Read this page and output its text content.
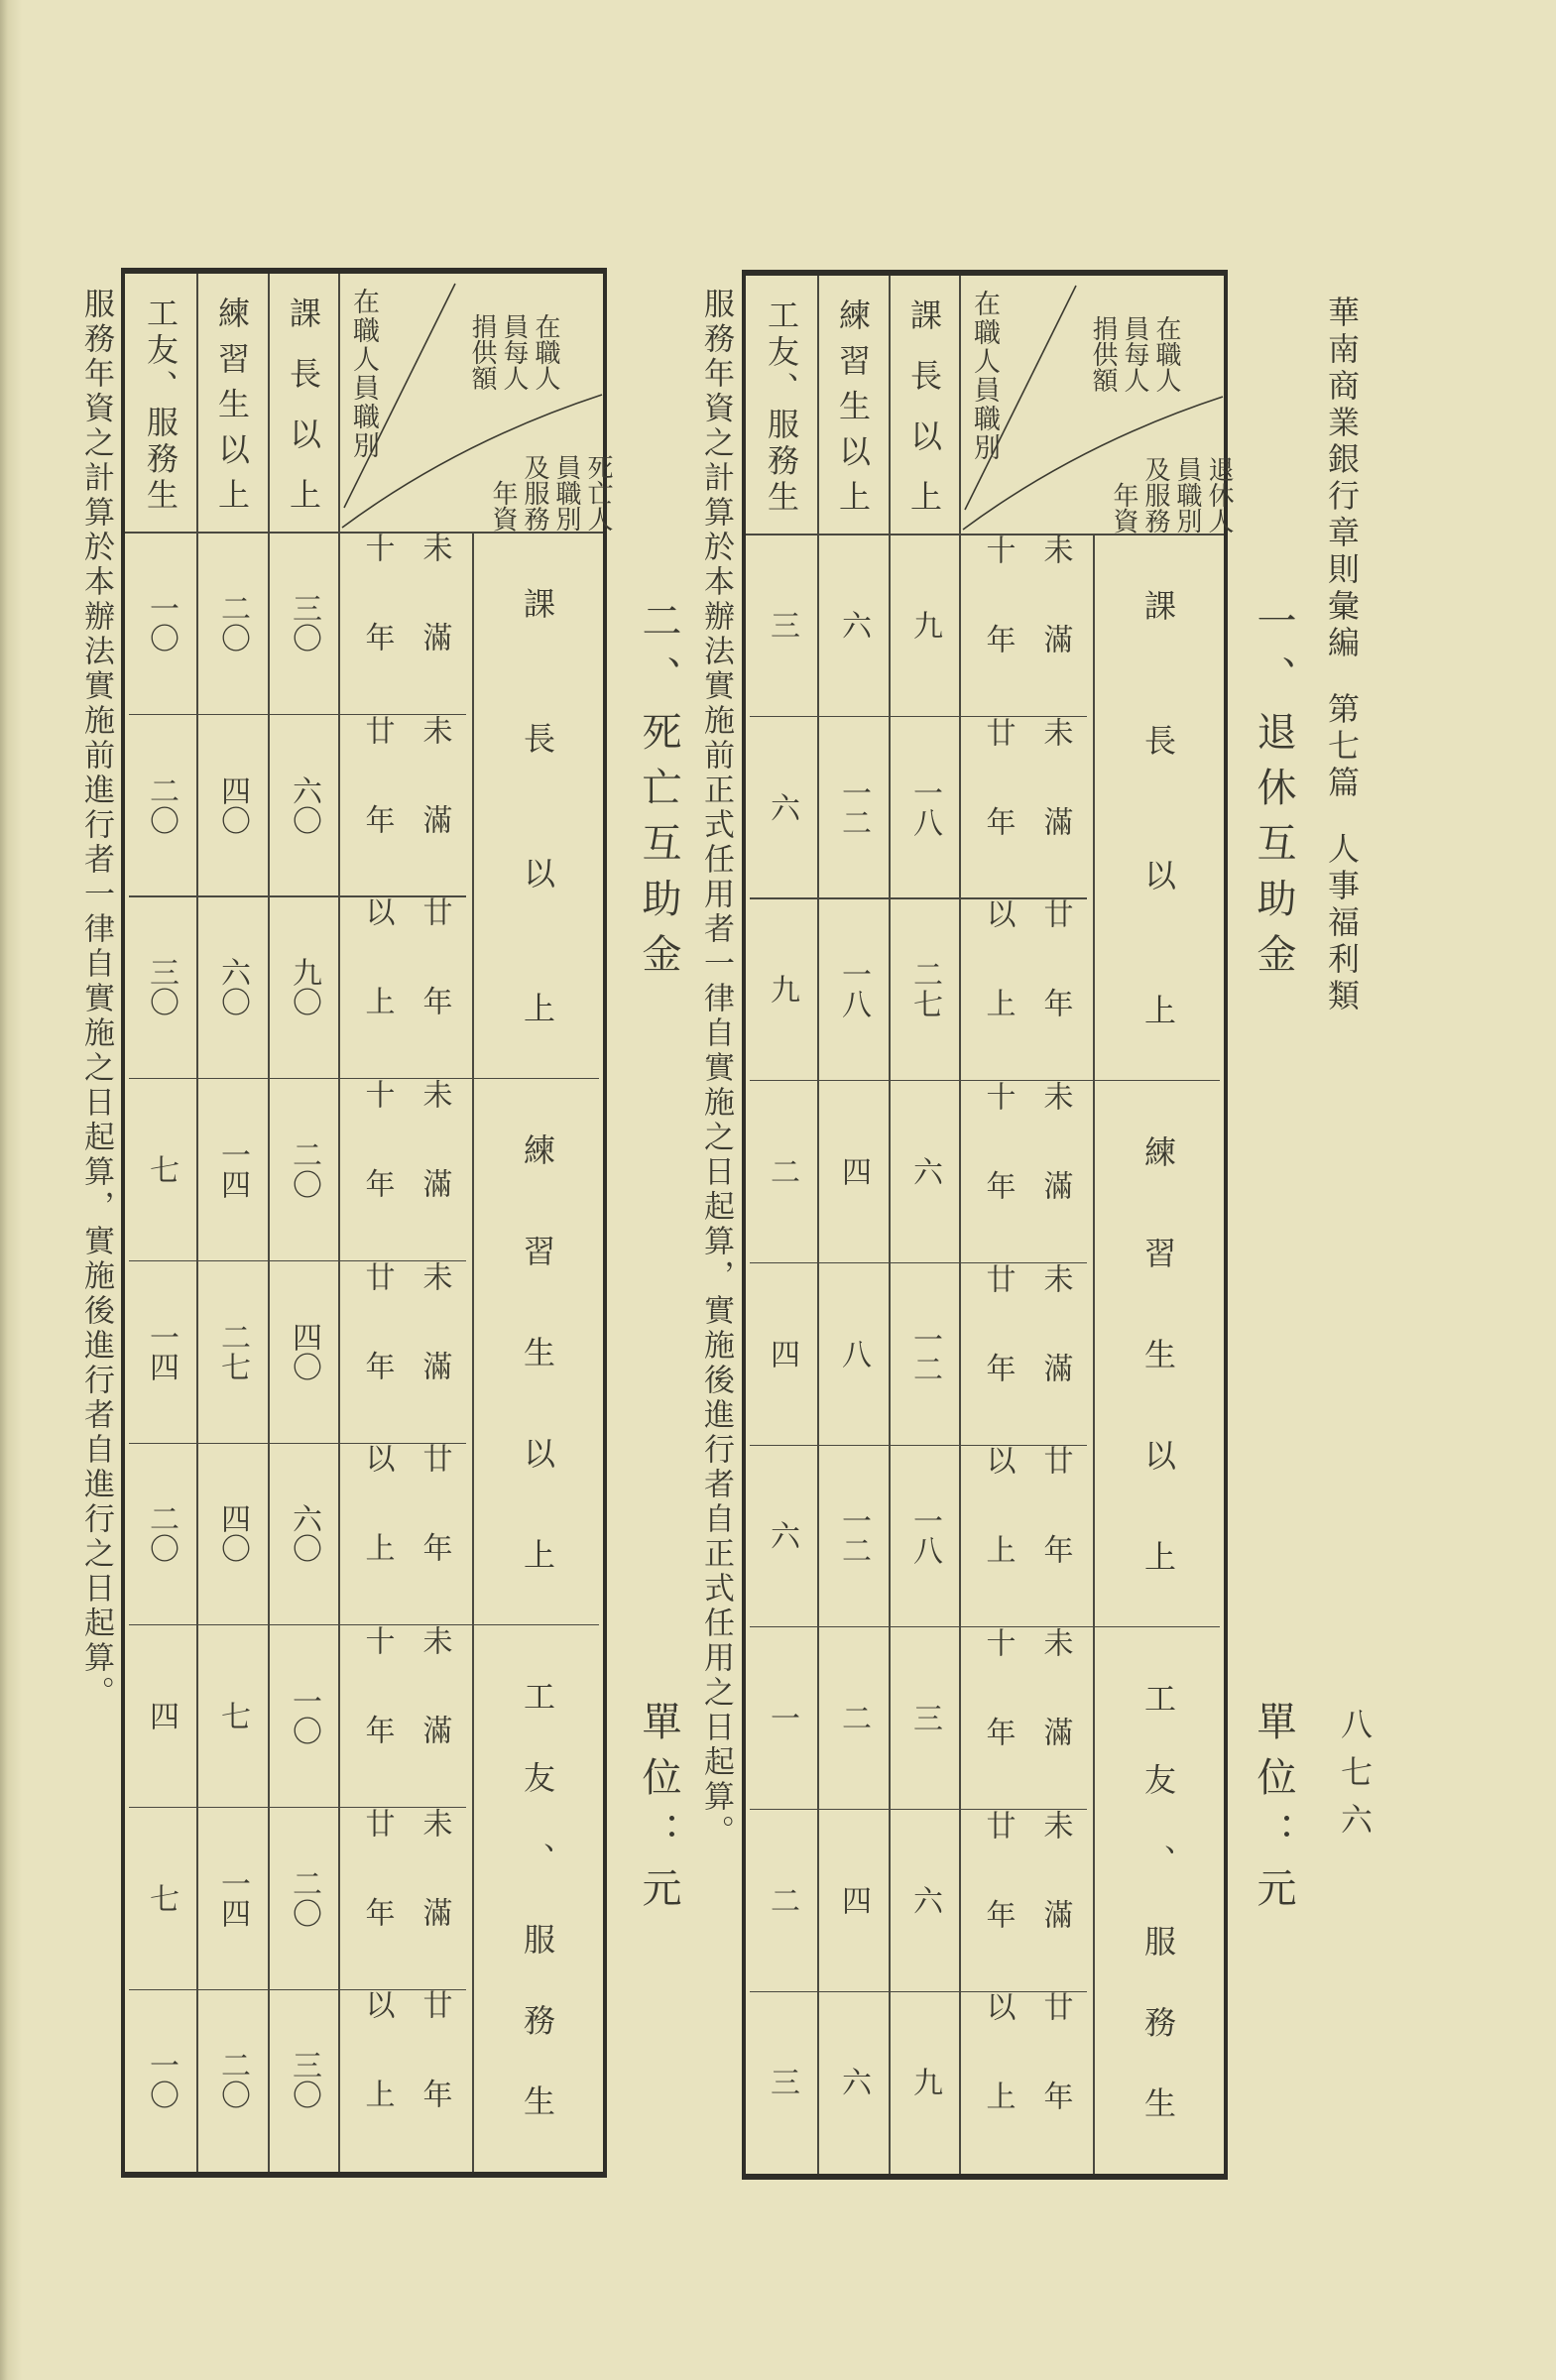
華南商業銀行章則彙編第七篇人事福利類
八七六
一、退休互助金
單位：元
在職人員職別	在職人員每人捐供額
退休人員職別及服務年資
課長以上
練習生以上
工友、服務生
課長以上
練習生以上
工友、服務生
未滿十年
九
六
三
未滿廿年
一八
一二
六
廿年以上
二七
一八
九
未滿十年
六
四
二
未滿廿年
一二
八
四
廿年以上
一八
一二
六
未滿十年
三
二
一
未滿廿年
六
四
二
廿年以上
九
六
三
服務年資之計算於本辦法實施前正式任用者一律自實施之日起算，實施後進行者自正式任用之日起算。
二、死亡互助金
單位：元
在職人員職別	在職人員每人捐供額
死亡人員職別及服務年資
課長以上
練習生以上
工友、服務生
課長以上
練習生以上
工友、服務生
未滿十年
三〇
二〇
一〇
未滿廿年
六〇
四〇
二〇
廿年以上
九〇
六〇
三〇
未滿十年
二〇
一四
七
未滿廿年
四〇
二七
一四
廿年以上
六〇
四〇
二〇
未滿十年
一〇
七
四
未滿廿年
二〇
一四
七
廿年以上
三〇
二〇
一〇
服務年資之計算於本辦法實施前進行者一律自實施之日起算，實施後進行者自進行之日起算。
